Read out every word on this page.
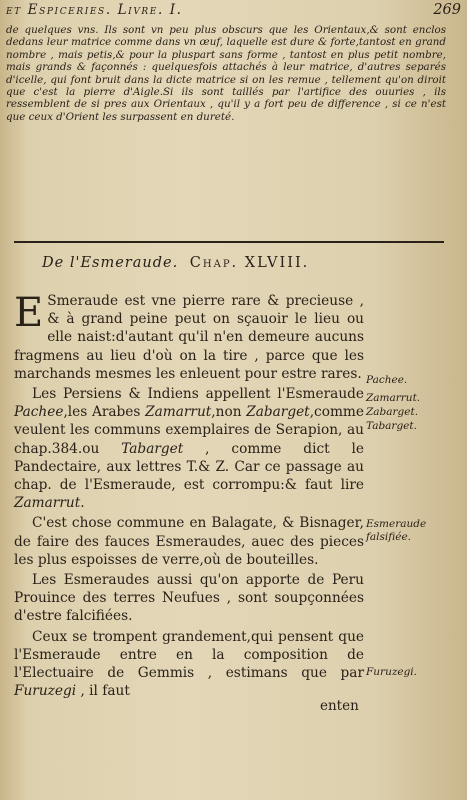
et Espiceries. Livre. I.	269

de quelques vns. Ils sont vn peu plus obscurs que les Orientaux,& sont enclos dedans leur matrice comme dans vn œuf, laquelle est dure & forte,tantost en grand nombre , mais petis,& pour la pluspart sans forme , tantost en plus petit nombre, mais grands & façonnés : quelquesfois attachés à leur matrice, d'autres separés d'icelle, qui font bruit dans la dicte matrice si on les remue , tellement qu'on diroit que c'est la pierre d'Aigle.Si ils sont taillés par l'artifice des ouuries , ils ressemblent de si pres aux Orientaux , qu'il y a fort peu de difference , si ce n'est que ceux d'Orient les surpassent en dureté.

De l'Esmeraude. Chap. XLVIII.

E Smeraude est vne pierre rare & precieuse , & à grand peine peut on sçauoir le lieu ou elle naist:d'autant qu'il n'en demeure aucuns fragmens au lieu d'où on la tire , parce que les marchands mesmes les enleuent pour estre rares.

Les Persiens & Indiens appellent l'Esmeraude Pachee,les Arabes Zamarrut,non Zabarget,comme veulent les communs exemplaires de Serapion, au chap.384.ou Tabarget , comme dict le Pandectaire, aux lettres T.& Z. Car ce passage au chap. de l'Esmeraude, est corrompu:& faut lire Zamarrut.

C'est chose commune en Balagate, & Bisnager, de faire des fauces Esmeraudes, auec des pieces les plus espoisses de verre,où de bouteilles.

Les Esmeraudes aussi qu'on apporte de Peru Prouince des terres Neufues , sont soupçonnées d'estre falcifiées.

Ceux se trompent grandement,qui pensent que l'Esmeraude entre en la composition de l'Electuaire de Gemmis , estimans que par Furuzegi , il faut

enten
Pachee.
Zamarrut.
Zabarget.
Tabarget.
Esmeraude
falsifiée.
Furuzegi.
